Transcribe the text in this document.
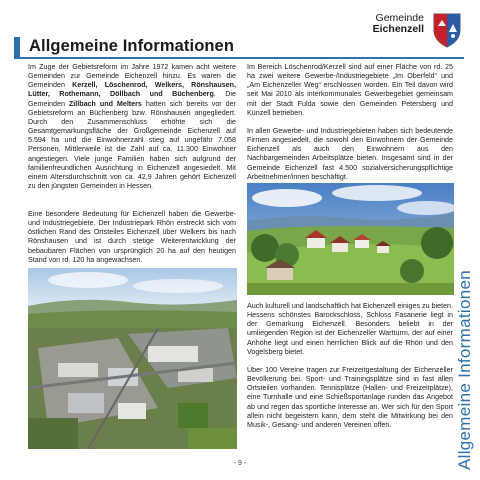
Allgemeine Informationen
Gemeinde
Eichenzell

Im Zuge der Gebietsreform im Jahre 1972 kamen acht weitere Gemeinden zur Gemeinde Eichenzell hinzu. Es waren die Gemeinden Kerzell, Löschenrod, Welkers, Rönshausen, Lütter, Rothemann, Döllbach und Büchenberg. Die Gemeinden Zillbach und Melters hatten sich bereits vor der Gebietsreform an Büchenberg bzw. Rönshausen angegliedert. Durch den Zusammenschluss erhöhte sich die Gesamtgemarkungsfläche der Großgemeinde Eichenzell auf 5.594 ha und die Einwohnerzahl stieg auf ungefähr 7.058 Personen. Mittlerweile ist die Zahl auf ca. 11.300 Einwohner angestiegen. Viele junge Familien haben sich aufgrund der familienfreundlichen Ausrichtung in Eichenzell angesiedelt. Mit einem Altersdurchschnitt von ca. 42,9 Jahren gehört Eichenzell zu den jüngsten Gemeinden in Hessen.

Eine besondere Bedeutung für Eichenzell haben die Gewerbe- und Industriegebiete. Der Industriepark Rhön erstreckt sich vom östlichen Rand des Ortsteiles Eichenzell über Welkers bis nach Rönshausen und ist durch stetige Weiterentwicklung der bebaubaren Flächen von ursprünglich 20 ha auf den heutigen Stand von rd. 120 ha angewachsen.

Im Bereich Löschenrod/Kerzell sind auf einer Fläche von rd. 25 ha zwei weitere Gewerbe-/Industriegebiete „Im Oberfeld“ und „Am Eichenzeller Weg“ erschlossen worden. Ein Teil davon wird seit Mai 2010 als interkommunales Gewerbegebiet gemeinsam mit der Stadt Fulda sowie den Gemeinden Petersberg und Künzell betrieben.

In allen Gewerbe- und Industriegebieten haben sich bedeutende Firmen angesiedelt, die sowohl den Einwohnern der Gemeinde Eichenzell als auch den Einwohnern aus den Nachbargemeinden Arbeitsplätze bieten. Insgesamt sind in der Gemeinde Eichenzell fast 4.500 sozialversicherungspflichtige Arbeitnehmer/innen beschäftigt.

Auch kulturell und landschaftlich hat Eichenzell einiges zu bieten. Hessens schönstes Barockschloss, Schloss Fasanerie liegt in der Gemarkung Eichenzell. Besonders beliebt in der umliegenden Region ist der Eichenzeller Wartturm, der auf einer Anhöhe liegt und einen herrlichen Blick auf die Rhön und den Vogelsberg bietet.

Über 100 Vereine tragen zur Freizeitgestaltung der Eichenzeller Bevölkerung bei. Sport- und Trainingsplätze sind in fast allen Ortsteilen vorhanden. Tennisplätze (Hallen- und Freizeitplätze), eine Turnhalle und eine Schießsportanlage runden das Angebot ab und regen das sportliche Interesse an. Wer sich für den Sport allein nicht begeistern kann, dem steht die Mitwirkung bei den Musik-, Gesang- und anderen Vereinen offen.	Allgemeine Informationen
- 9 -
